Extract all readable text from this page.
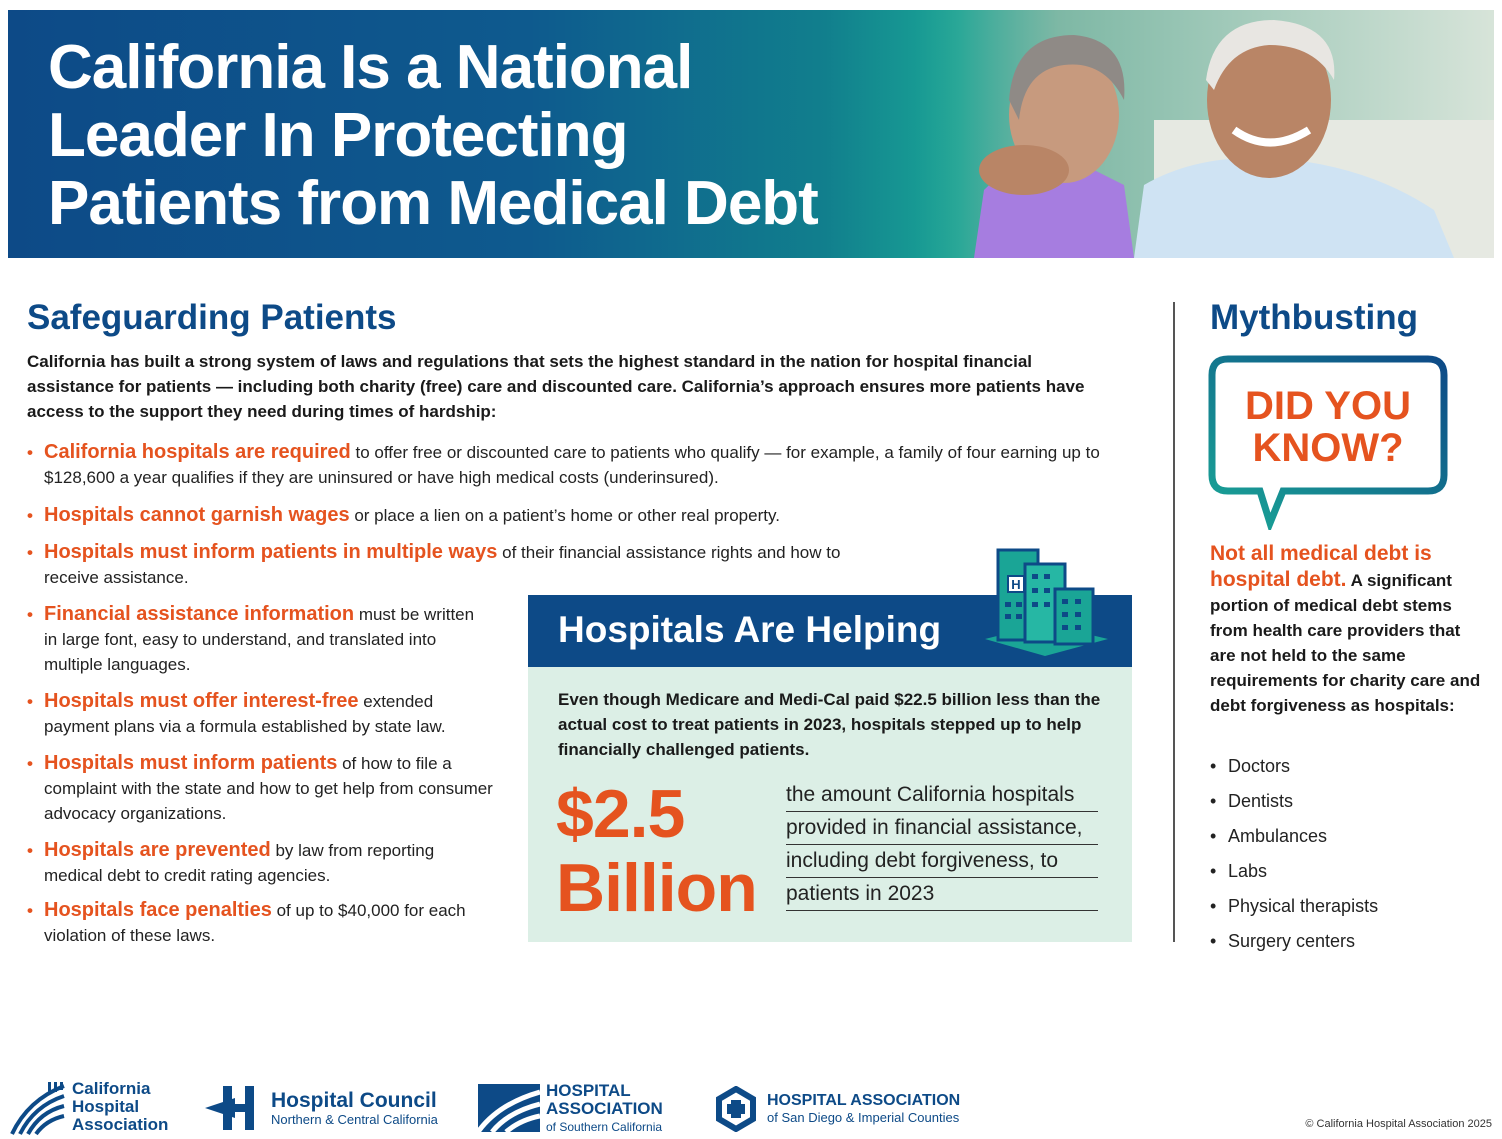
California Is a National
Leader In Protecting
Patients from Medical Debt
Safeguarding Patients
California has built a strong system of laws and regulations that sets the highest standard in the nation for hospital financial assistance for patients — including both charity (free) care and discounted care. California’s approach ensures more patients have access to the support they need during times of hardship:
• California hospitals are required to offer free or discounted care to patients who qualify — for example, a family of four earning up to $128,600 a year qualifies if they are uninsured or have high medical costs (underinsured).
• Hospitals cannot garnish wages or place a lien on a patient’s home or other real property.
• Hospitals must inform patients in multiple ways of their financial assistance rights and how to receive assistance.
• Financial assistance information must be written in large font, easy to understand, and translated into multiple languages.
• Hospitals must offer interest-free extended payment plans via a formula established by state law.
• Hospitals must inform patients of how to file a complaint with the state and how to get help from consumer advocacy organizations.
• Hospitals are prevented by law from reporting medical debt to credit rating agencies.
• Hospitals face penalties of up to $40,000 for each violation of these laws.
Hospitals Are Helping
H
Even though Medicare and Medi-Cal paid $22.5 billion less than the actual cost to treat patients in 2023, hospitals stepped up to help financially challenged patients.
$2.5
Billion
the amount California hospitals
provided in financial assistance,
including debt forgiveness, to
patients in 2023
Mythbusting
DID YOU
KNOW?
Not all medical debt is hospital debt. A significant portion of medical debt stems from health care providers that are not held to the same requirements for charity care and debt forgiveness as hospitals:
• Doctors
• Dentists
• Ambulances
• Labs
• Physical therapists
• Surgery centers
California
Hospital
Association
Hospital Council
Northern & Central California
HOSPITAL
ASSOCIATION
of Southern California
HOSPITAL ASSOCIATION
of San Diego & Imperial Counties	© California Hospital Association 2025
